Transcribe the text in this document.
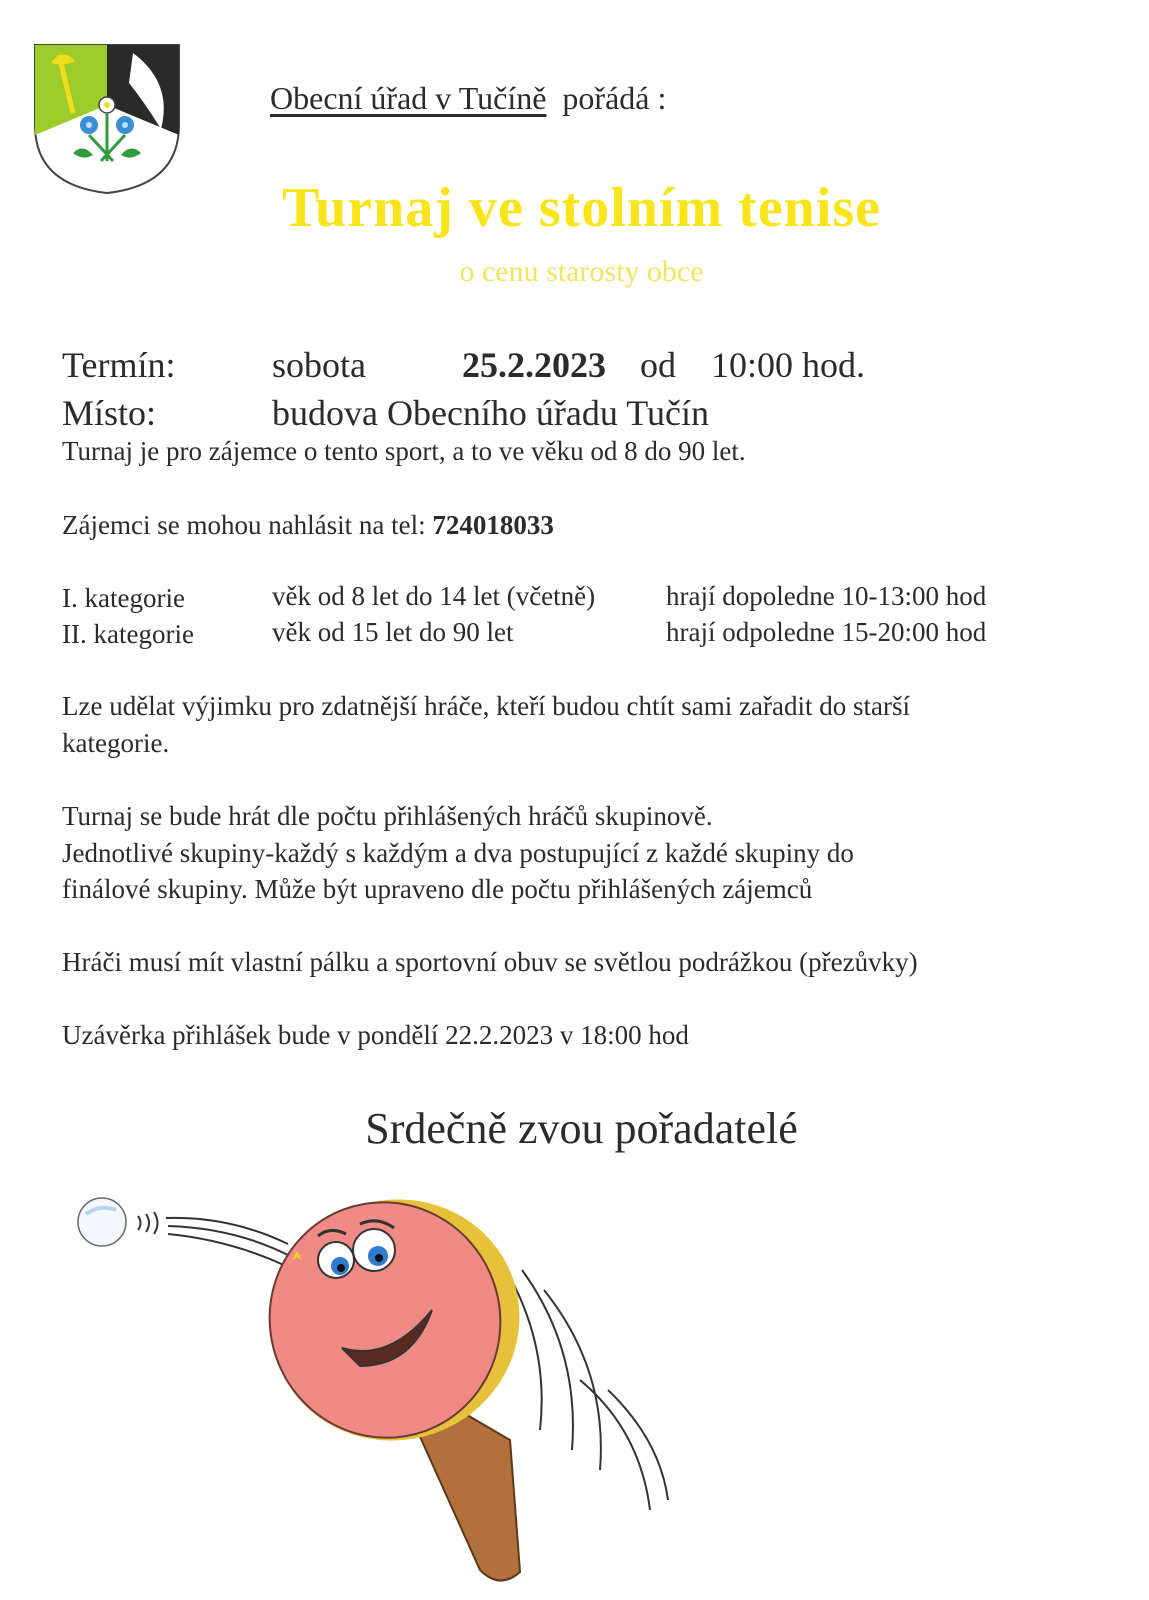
Obecní úřad v Tučíně pořádá :
Turnaj ve stolním tenise
o cenu starosty obce
Termín:	sobota	25.2.2023 od 10:00 hod.
Místo:	budova Obecního úřadu Tučín
Turnaj je pro zájemce o tento sport, a to ve věku od 8 do 90 let.
Zájemci se mohou nahlásit na tel: 724018033
I. kategorie	věk od 8 let do 14 let (včetně)	hrají dopoledne 10-13:00 hod
II. kategorie	věk od 15 let do 90 let	hrají odpoledne 15-20:00 hod
Lze udělat výjimku pro zdatnější hráče, kteří budou chtít sami zařadit do starší
kategorie.
Turnaj se bude hrát dle počtu přihlášených hráčů skupinově.
Jednotlivé skupiny-každý s každým a dva postupující z každé skupiny do
finálové skupiny. Může být upraveno dle počtu přihlášených zájemců
Hráči musí mít vlastní pálku a sportovní obuv se světlou podrážkou (přezůvky)
Uzávěrka přihlášek bude v pondělí 22.2.2023 v 18:00 hod
Srdečně zvou pořadatelé
